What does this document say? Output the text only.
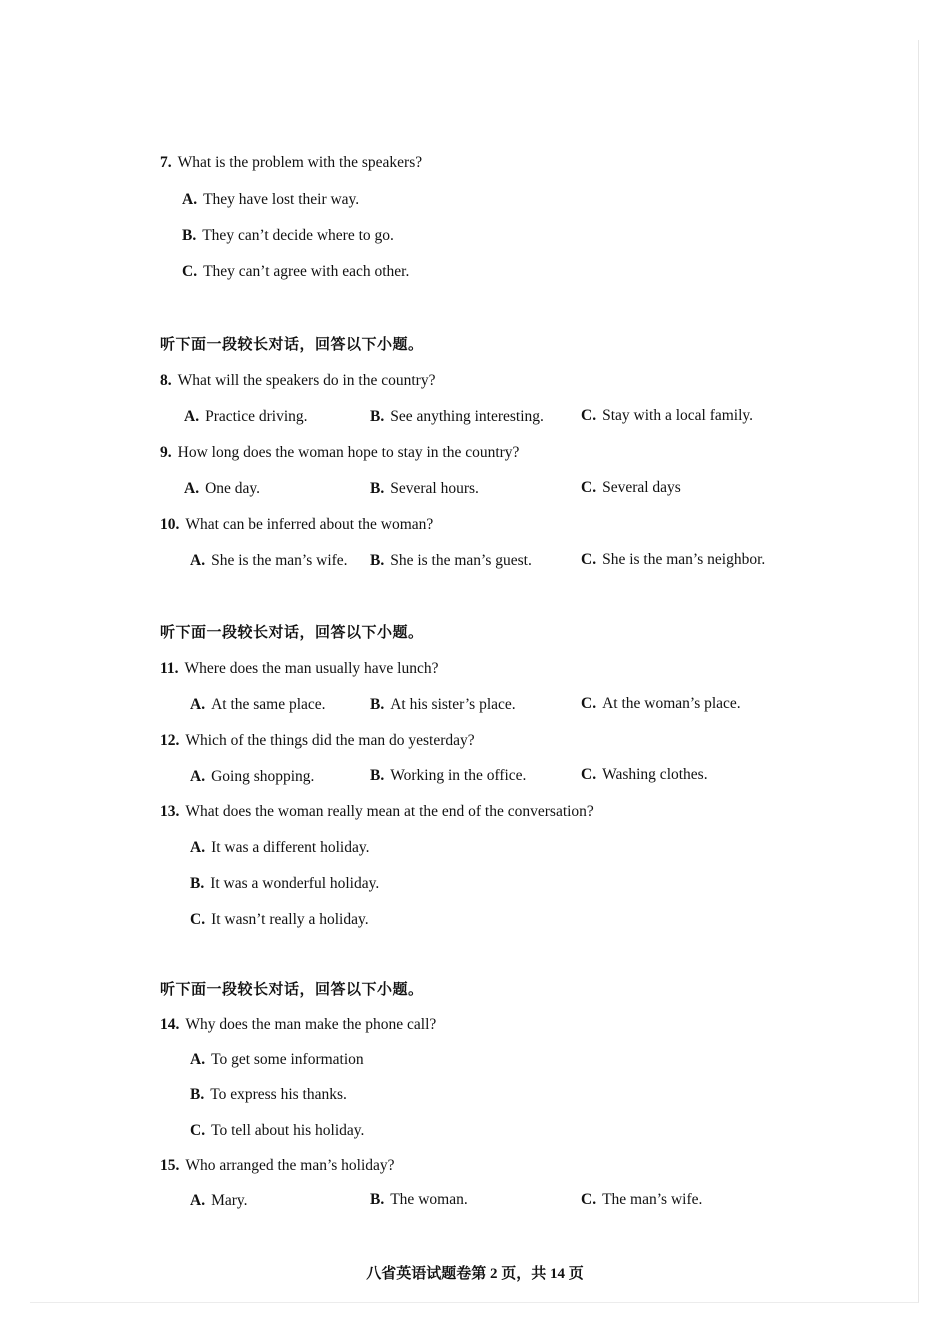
7. What is the problem with the speakers?
A. They have lost their way.
B. They can’t decide where to go.
C. They can’t agree with each other.
听下面一段较长对话，回答以下小题。
8. What will the speakers do in the country?
A. Practice driving.	B. See anything interesting. C. Stay with a local family.
9. How long does the woman hope to stay in the country?
A. One day.	B. Several hours.	C. Several days
10. What can be inferred about the woman?
A. She is the man’s wife. B. She is the man’s guest.	C. She is the man’s neighbor.
听下面一段较长对话，回答以下小题。
11. Where does the man usually have lunch?
A. At the same place.	B. At his sister’s place.	C. At the woman’s place.
12. Which of the things did the man do yesterday?
A. Going shopping.	B. Working in the office.	C. Washing clothes.
13. What does the woman really mean at the end of the conversation?
A. It was a different holiday.
B. It was a wonderful holiday.
C. It wasn’t really a holiday.
听下面一段较长对话，回答以下小题。
14. Why does the man make the phone call?
A. To get some information
B. To express his thanks.
C. To tell about his holiday.
15. Who arranged the man’s holiday?
A. Mary.	B. The woman.	C. The man’s wife.
八省英语试题卷第 2 页，共 14 页
